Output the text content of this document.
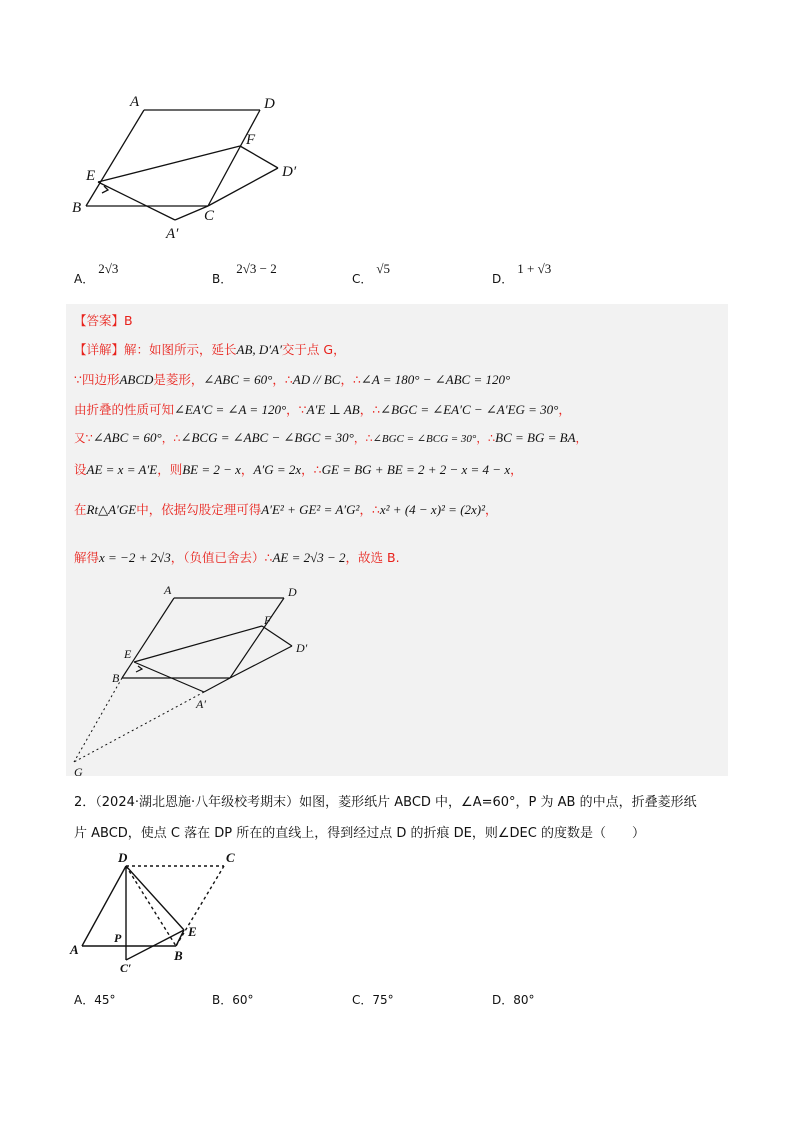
A	D
F
D′
E
B	C
A′
A．2√3
B．2√3 − 2
C．√5
D．1 + √3
【答案】B
【详解】解：如图所示，延长AB, D′A′交于点 G，
∵四边形ABCD是菱形，∠ABC = 60°，∴AD // BC，∴∠A = 180° − ∠ABC = 120°
由折叠的性质可知∠EA′C = ∠A = 120°，∵A′E ⊥ AB，∴∠BGC = ∠EA′C − ∠A′EG = 30°，
又∵∠ABC = 60°，∴∠BCG = ∠ABC − ∠BGC = 30°，∴∠BGC = ∠BCG = 30°，∴BC = BG = BA，
设AE = x = A′E，则BE = 2 − x，A′G = 2x，∴GE = BG + BE = 2 + 2 − x = 4 − x，
在Rt△A′GE中，依据勾股定理可得A′E² + GE² = A′G²，∴x² + (4 − x)² = (2x)²，
解得x = −2 + 2√3，（负值已舍去）∴AE = 2√3 − 2，故选 B.
A	D
F
D′
E
B
A′
G
2．（2024·湖北恩施·八年级校考期末）如图，菱形纸片 ABCD 中，∠A=60°，P 为 AB 的中点，折叠菱形纸
片 ABCD，使点 C 落在 DP 所在的直线上，得到经过点 D 的折痕 DE，则∠DEC 的度数是（　　）
D	C
P	E
A	B
C′
A．45°	B．60°	C．75°	D．80°
